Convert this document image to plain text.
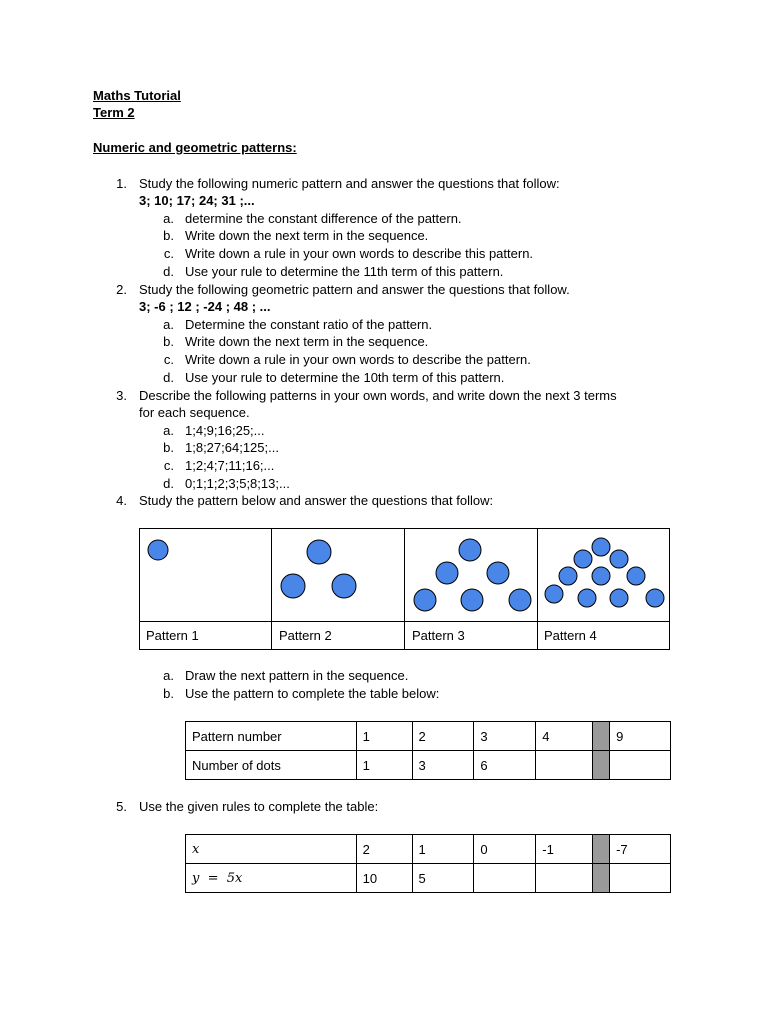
Maths Tutorial
Term 2
Numeric and geometric patterns:
1. Study the following numeric pattern and answer the questions that follow:
3; 10; 17; 24; 31 ;...
a. determine the constant difference of the pattern.
b. Write down the next term in the sequence.
c. Write down a rule in your own words to describe this pattern.
d. Use your rule to determine the 11th term of this pattern.
2. Study the following geometric pattern and answer the questions that follow.
3; -6 ; 12 ; -24 ; 48 ; ...
a. Determine the constant ratio of the pattern.
b. Write down the next term in the sequence.
c. Write down a rule in your own words to describe the pattern.
d. Use your rule to determine the 10th term of this pattern.
3. Describe the following patterns in your own words, and write down the next 3 terms
for each sequence.
a. 1;4;9;16;25;...
b. 1;8;27;64;125;...
c. 1;2;4;7;11;16;...
d. 0;1;1;2;3;5;8;13;...
4. Study the pattern below and answer the questions that follow:
Pattern 1	Pattern 2	Pattern 3	Pattern 4
a. Draw the next pattern in the sequence.
b. Use the pattern to complete the table below:
Pattern number	1	2	3	4		9
Number of dots	1	3	6			
5. Use the given rules to complete the table:
x	2	1	0	-1		-7
y  =  5x	10	5				
